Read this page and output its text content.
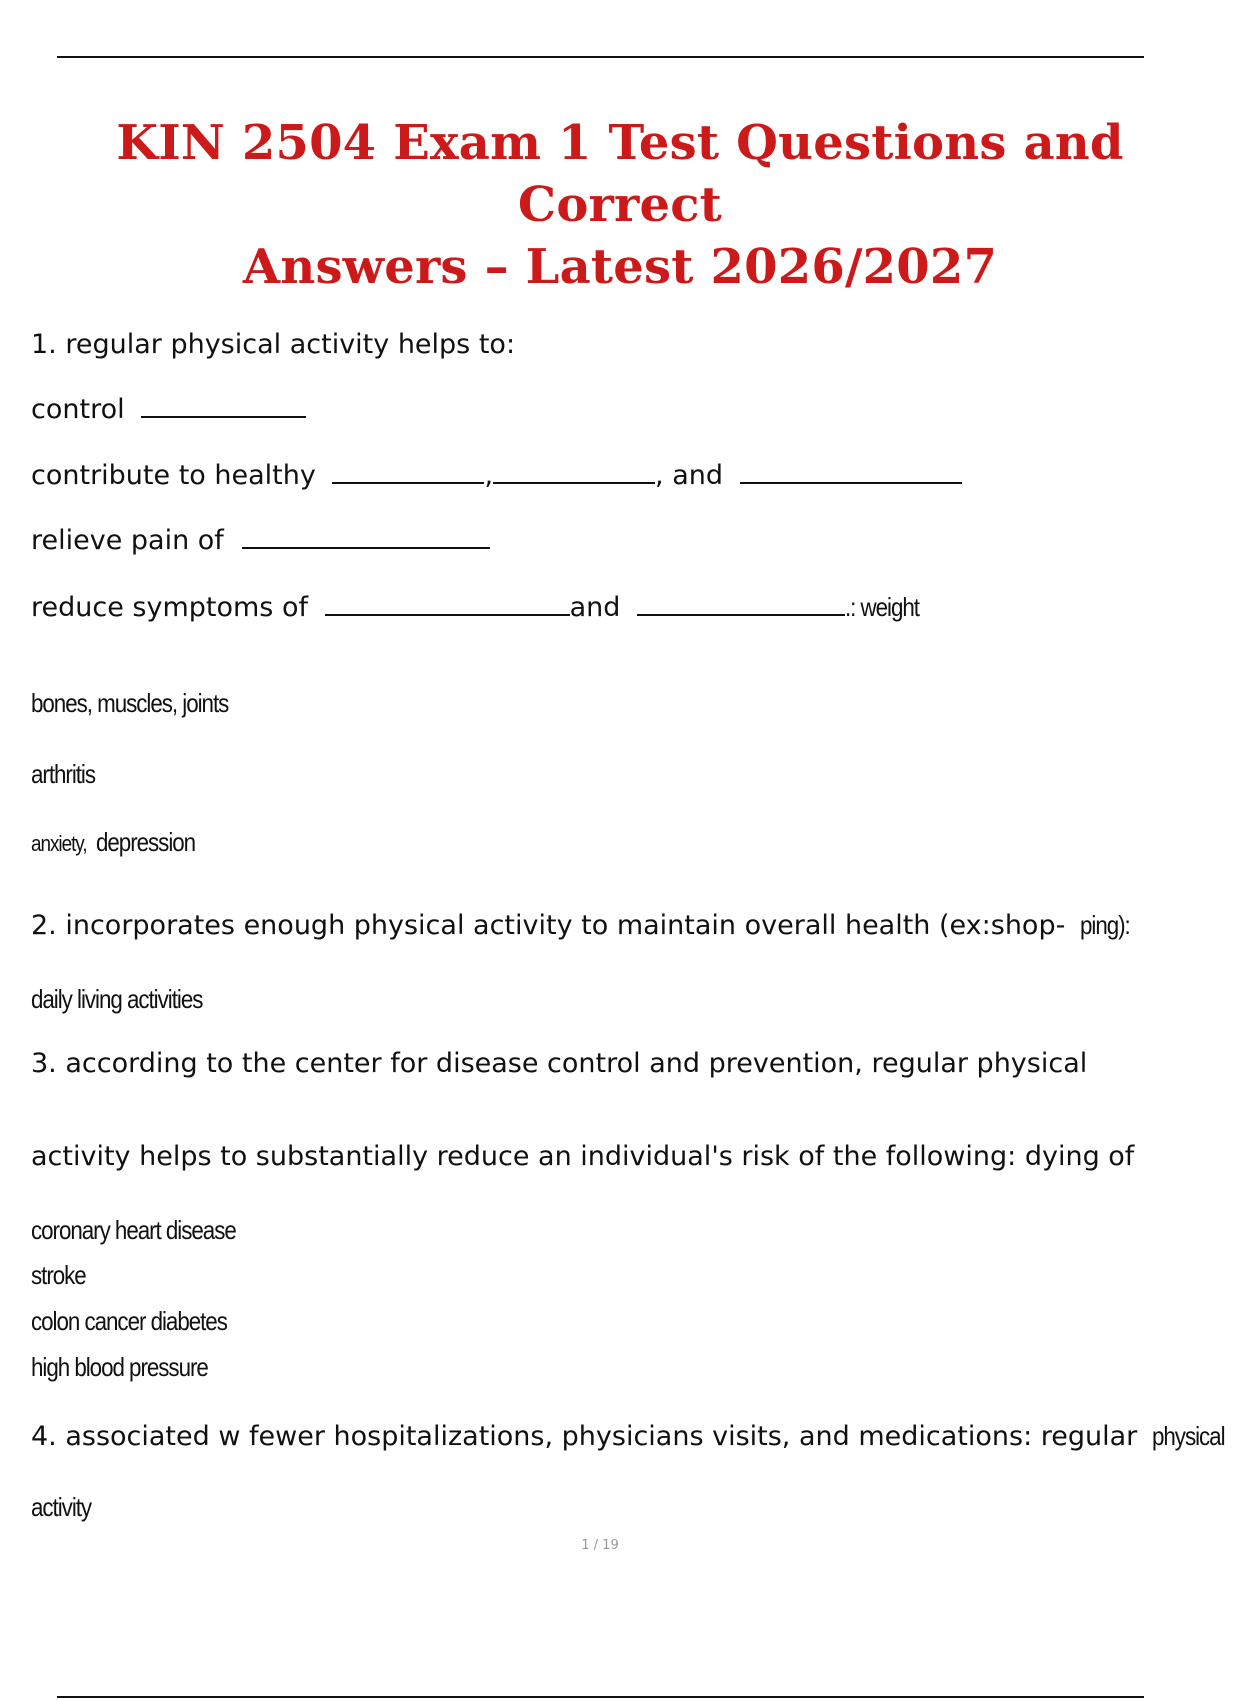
KIN 2504 Exam 1 Test Questions and Correct
Answers – Latest 2026/2027
1. regular physical activity helps to:
control
contribute to healthy	,	, and
relieve pain of
reduce symptoms of	and	.: weight
bones, muscles, joints
arthritis
anxiety, depression
2. incorporates enough physical activity to maintain overall health (ex:shop- ping):
daily living activities
3. according to the center for disease control and prevention, regular physical
activity helps to substantially reduce an individual's risk of the following: dying of
coronary heart disease
stroke
colon cancer diabetes
high blood pressure
4. associated w fewer hospitalizations, physicians visits, and medications: regular physical
activity
1 / 19
